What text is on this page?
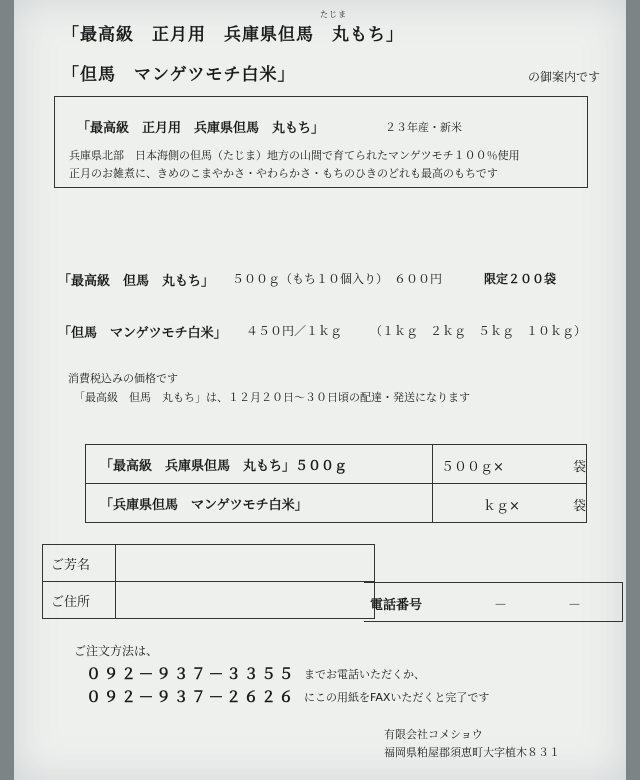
「最高級　正月用　兵庫県但馬　丸もち」
たじま
「但馬　マンゲツモチ白米」	の御案内です
「最高級　正月用　兵庫県但馬　丸もち」	２３年産・新米
兵庫県北部　日本海側の但馬（たじま）地方の山間で育てられたマンゲツモチ１００％使用
正月のお雑煮に、きめのこまやかさ・やわらかさ・もちのひきのどれも最高のもちです
「最高級　但馬　丸もち」 ５００ｇ（もち１０個入り）　６００円	限定２００袋
「但馬　マンゲツモチ白米」 ４５０円／１ｋｇ （１ｋｇ　２ｋｇ　５ｋｇ　１０ｋｇ）
消費税込みの価格です
「最高級　但馬　丸もち」は、１２月２０日～３０日頃の配達・発送になります
「最高級　兵庫県但馬　丸もち」５００ｇ	５００ｇ× 袋

「兵庫県但馬　マンゲツモチ白米」	ｋｇ× 袋
ご芳名	
ご住所		電話番号	－	－
ご注文方法は、
０９２－９３７－３３５５ までお電話いただくか、
０９２－９３７－２６２６ にこの用紙をFAXいただくと完了です
有限会社コメショウ
福岡県粕屋郡須恵町大字植木８３１
